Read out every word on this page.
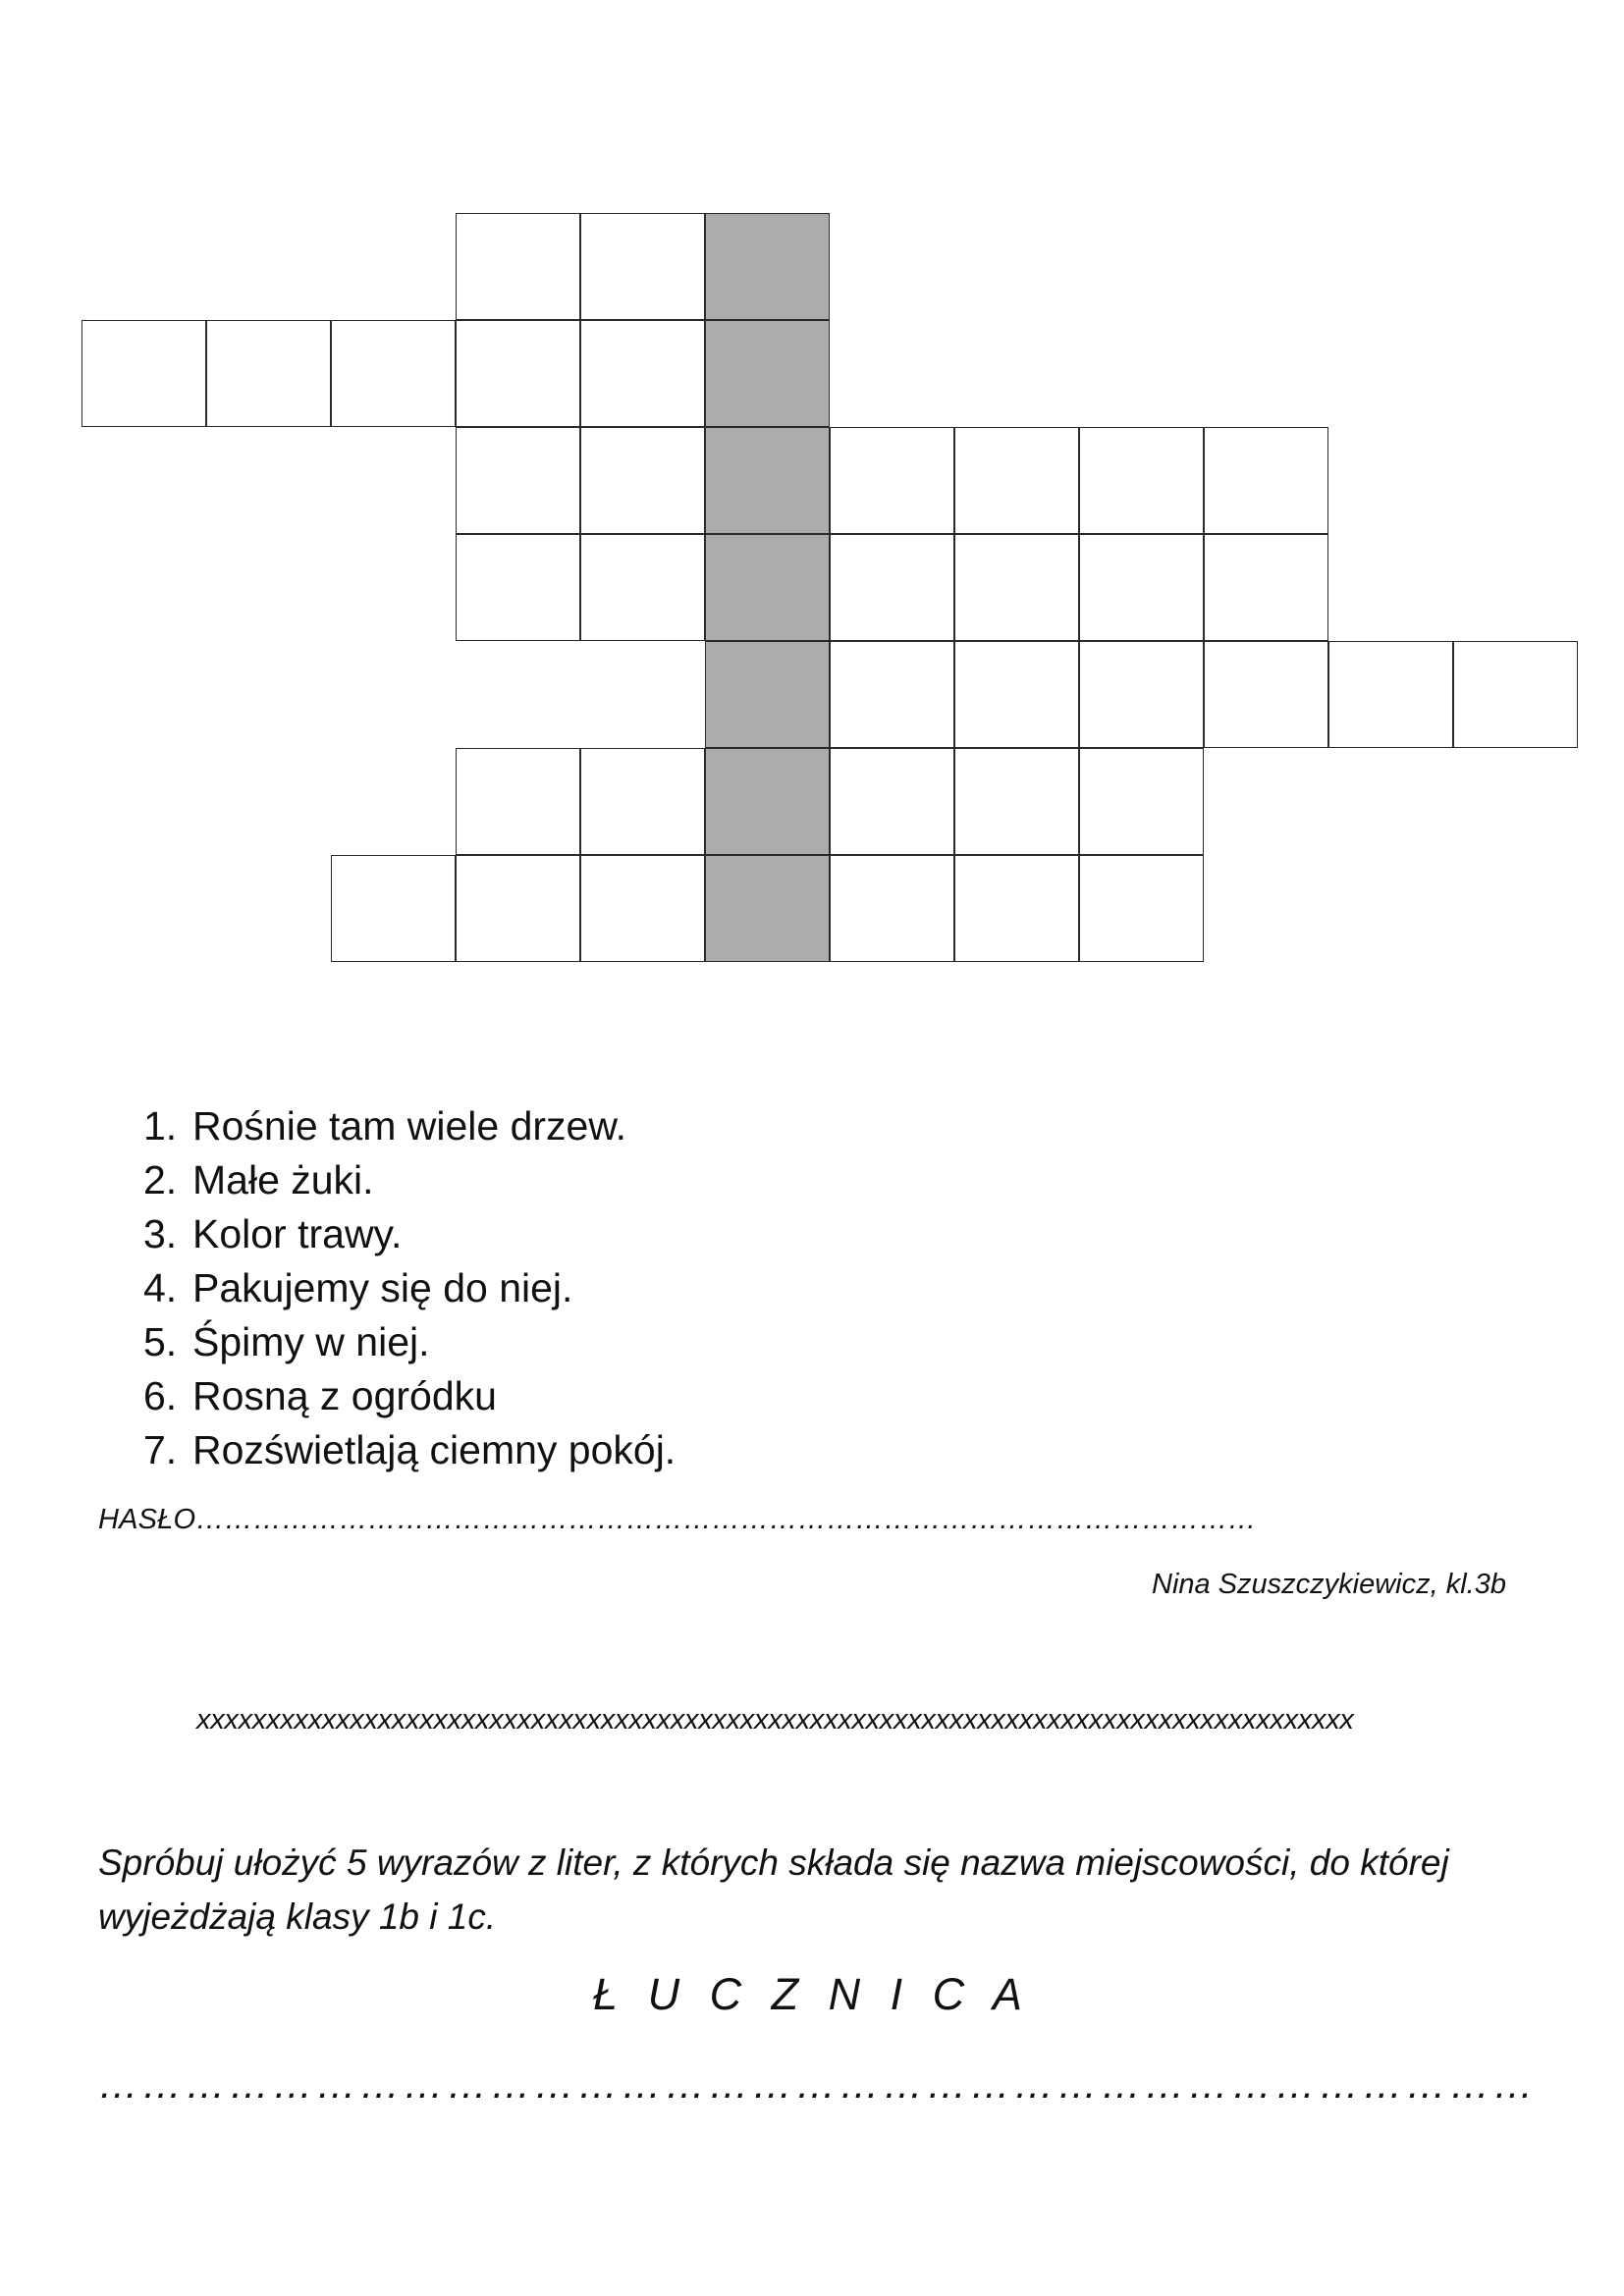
1. Rośnie tam wiele drzew.
2. Małe żuki.
3. Kolor trawy.
4. Pakujemy się do niej.
5. Śpimy w niej.
6. Rosną z ogródku
7. Rozświetlają ciemny pokój.
HASŁO…………………………………………………………………………………………………
Nina Szuszczykiewicz, kl.3b
xxxxxxxxxxxxxxxxxxxxxxxxxxxxxxxxxxxxxxxxxxxxxxxxxxxxxxxxxxxxxxxxxxxxxxxxxxxxxxxxxxx

Spróbuj ułożyć 5 wyrazów z liter, z których składa się nazwa miejscowości, do której wyjeżdżają klasy 1b i 1c.

Ł U C Z N I C A
………………………………………………………………………………………
